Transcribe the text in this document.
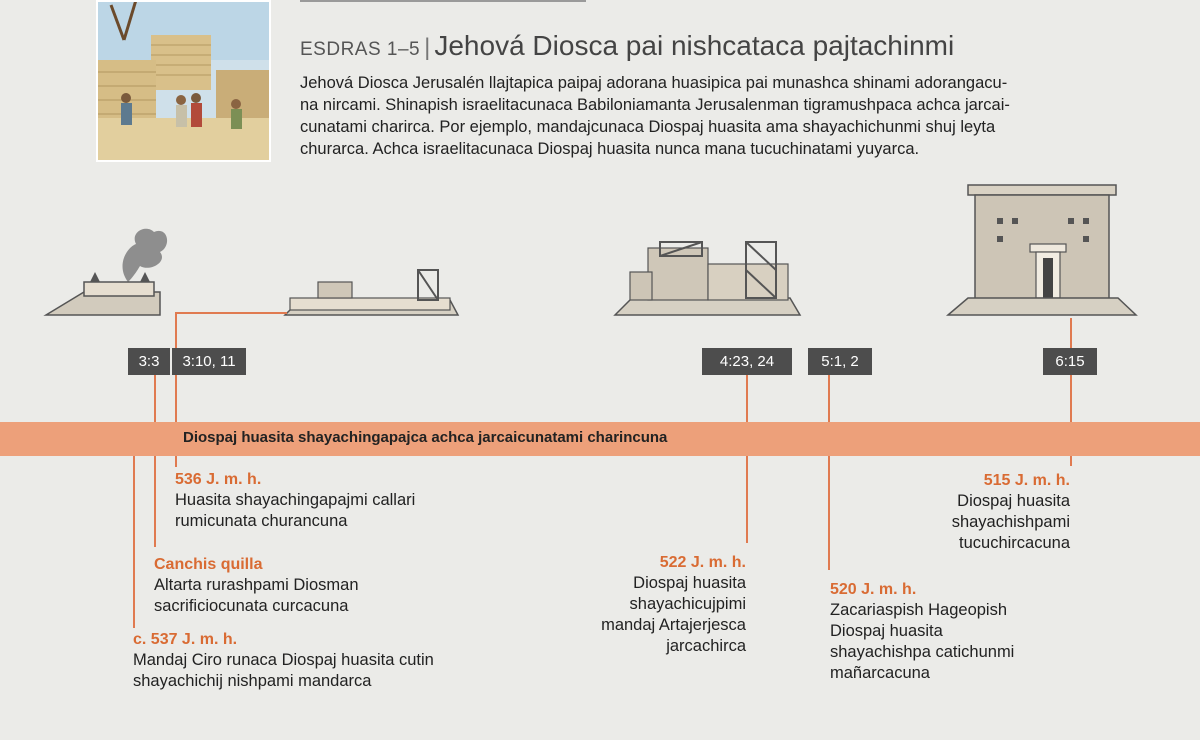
ESDRAS 1–5 | Jehová Diosca pai nishcataca pajtachinmi

Jehová Diosca Jerusalén llajtapica paipaj adorana huasipica pai munashca shinami adorangacu-
na nircami. Shinapish israelitacunaca Babiloniamanta Jerusalenman tigramushpaca achca jarcai-
cunatami charirca. Por ejemplo, mandajcunaca Diospaj huasita ama shayachichunmi shuj leyta
churarca. Achca israelitacunaca Diospaj huasita nunca mana tucuchinatami yuyarca.

3:3	3:10, 11	4:23, 24	5:1, 2	6:15
Diospaj huasita shayachingapajca achca jarcaicunatami charincuna
536 J. m. h.
Huasita shayachingapajmi callari
rumicunata churancuna
Canchis quilla
Altarta rurashpami Diosman
sacrificiocunata curcacuna
c. 537 J. m. h.
Mandaj Ciro runaca Diospaj huasita cutin
shayachichij nishpami mandarca
522 J. m. h.
Diospaj huasita
shayachicujpimi
mandaj Artajerjesca
jarcachirca
520 J. m. h.
Zacariaspish Hageopish
Diospaj huasita
shayachishpa catichunmi
mañarcacuna
515 J. m. h.
Diospaj huasita
shayachishpami
tucuchircacuna
